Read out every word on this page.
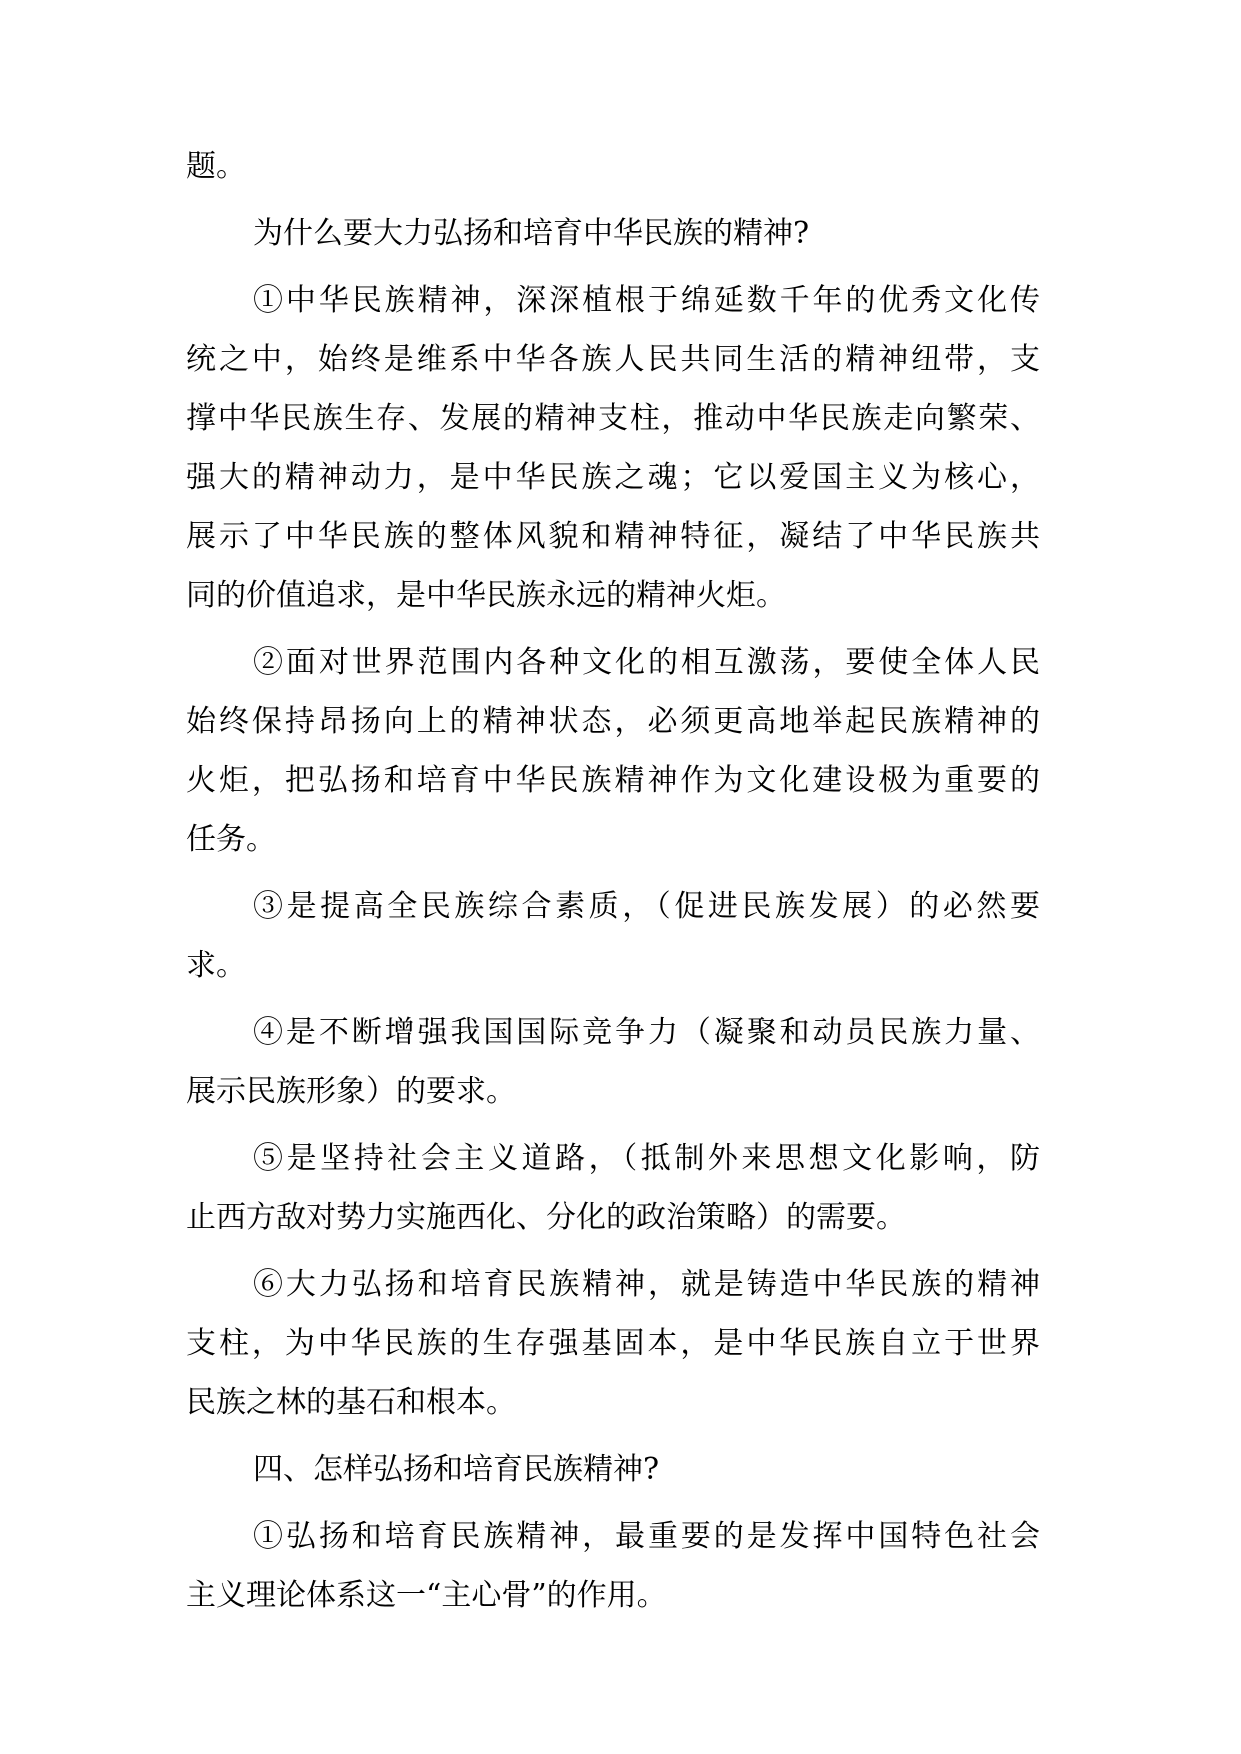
题。
为什么要大力弘扬和培育中华民族的精神?
①中华民族精神，深深植根于绵延数千年的优秀文化传
统之中，始终是维系中华各族人民共同生活的精神纽带，支
撑中华民族生存、发展的精神支柱，推动中华民族走向繁荣、
强大的精神动力，是中华民族之魂；它以爱国主义为核心，
展示了中华民族的整体风貌和精神特征，凝结了中华民族共
同的价值追求，是中华民族永远的精神火炬。
②面对世界范围内各种文化的相互激荡，要使全体人民
始终保持昂扬向上的精神状态，必须更高地举起民族精神的
火炬，把弘扬和培育中华民族精神作为文化建设极为重要的
任务。
③是提高全民族综合素质，（促进民族发展）的必然要
求。
④是不断增强我国国际竞争力（凝聚和动员民族力量、
展示民族形象）的要求。
⑤是坚持社会主义道路，（抵制外来思想文化影响，防
止西方敌对势力实施西化、分化的政治策略）的需要。
⑥大力弘扬和培育民族精神，就是铸造中华民族的精神
支柱，为中华民族的生存强基固本，是中华民族自立于世界
民族之林的基石和根本。
四、怎样弘扬和培育民族精神?
①弘扬和培育民族精神，最重要的是发挥中国特色社会
主义理论体系这一“主心骨”的作用。
